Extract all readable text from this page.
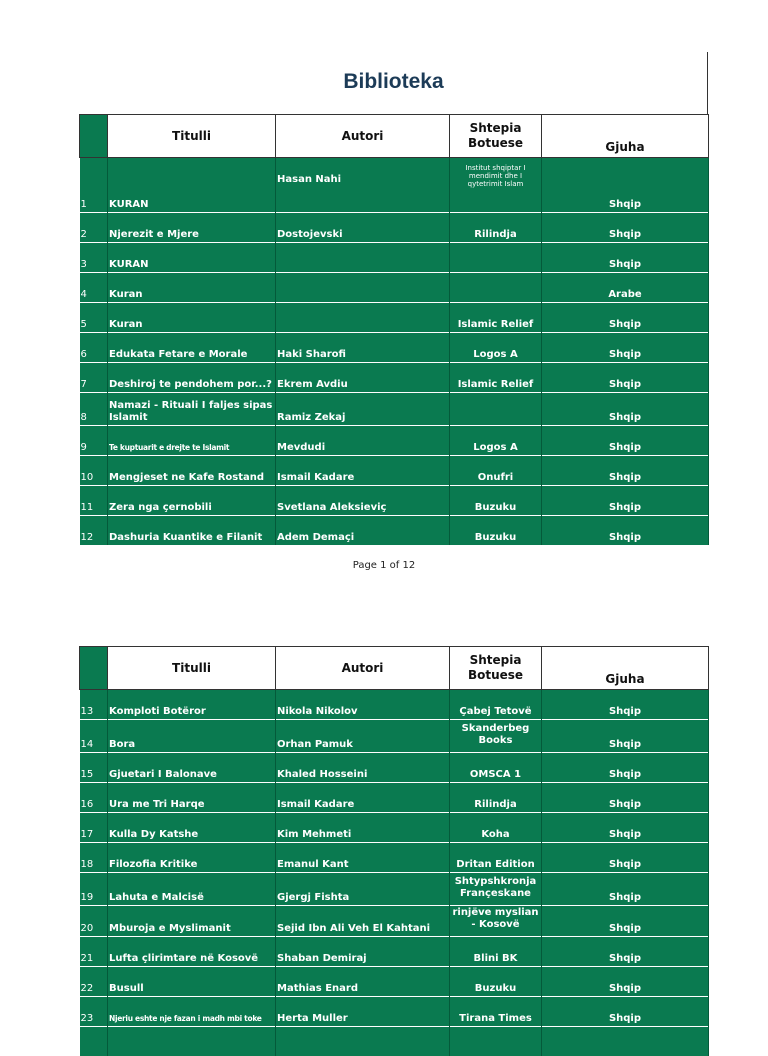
Biblioteka
	Titulli	Autori	Shtepia Botuese	Gjuha
1	KURAN	Hasan Nahi	Institut shqiptar I mendimit dhe I qytetrimit Islam	Shqip
2	Njerezit e Mjere	Dostojevski	Rilindja	Shqip
3	KURAN			Shqip
4	Kuran			Arabe
5	Kuran		Islamic Relief	Shqip
6	Edukata Fetare e Morale	Haki Sharofi	Logos A	Shqip
7	Deshiroj te pendohem por...?	Ekrem Avdiu	Islamic Relief	Shqip
8	Namazi - Rituali I faljes sipas Islamit	Ramiz Zekaj		Shqip
9	Te kuptuarit e drejte te Islamit	Mevdudi	Logos A	Shqip
10	Mengjeset ne Kafe Rostand	Ismail Kadare	Onufri	Shqip
11	Zera nga çernobili	Svetlana Aleksieviç	Buzuku	Shqip
12	Dashuria Kuantike e Filanit	Adem Demaçi	Buzuku	Shqip
Page 1 of 12
	Titulli	Autori	Shtepia Botuese	Gjuha
13	Komploti Botëror	Nikola Nikolov	Çabej Tetovë	Shqip
14	Bora	Orhan Pamuk	Skanderbeg Books	Shqip
15	Gjuetari I Balonave	Khaled Hosseini	OMSCA 1	Shqip
16	Ura me Tri Harqe	Ismail Kadare	Rilindja	Shqip
17	Kulla Dy Katshe	Kim Mehmeti	Koha	Shqip
18	Filozofia Kritike	Emanul Kant	Dritan Edition	Shqip
19	Lahuta e Malcisë	Gjergj Fishta	Shtypshkronja Françeskane	Shqip
20	Mburoja e Myslimanit	Sejid Ibn Ali Veh El Kahtani	rinjëve myslian - Kosovë	Shqip
21	Lufta çlirimtare në Kosovë	Shaban Demiraj	Blini BK	Shqip
22	Busull	Mathias Enard	Buzuku	Shqip
23	Njeriu eshte nje fazan i madh mbi toke	Herta Muller	Tirana Times	Shqip
